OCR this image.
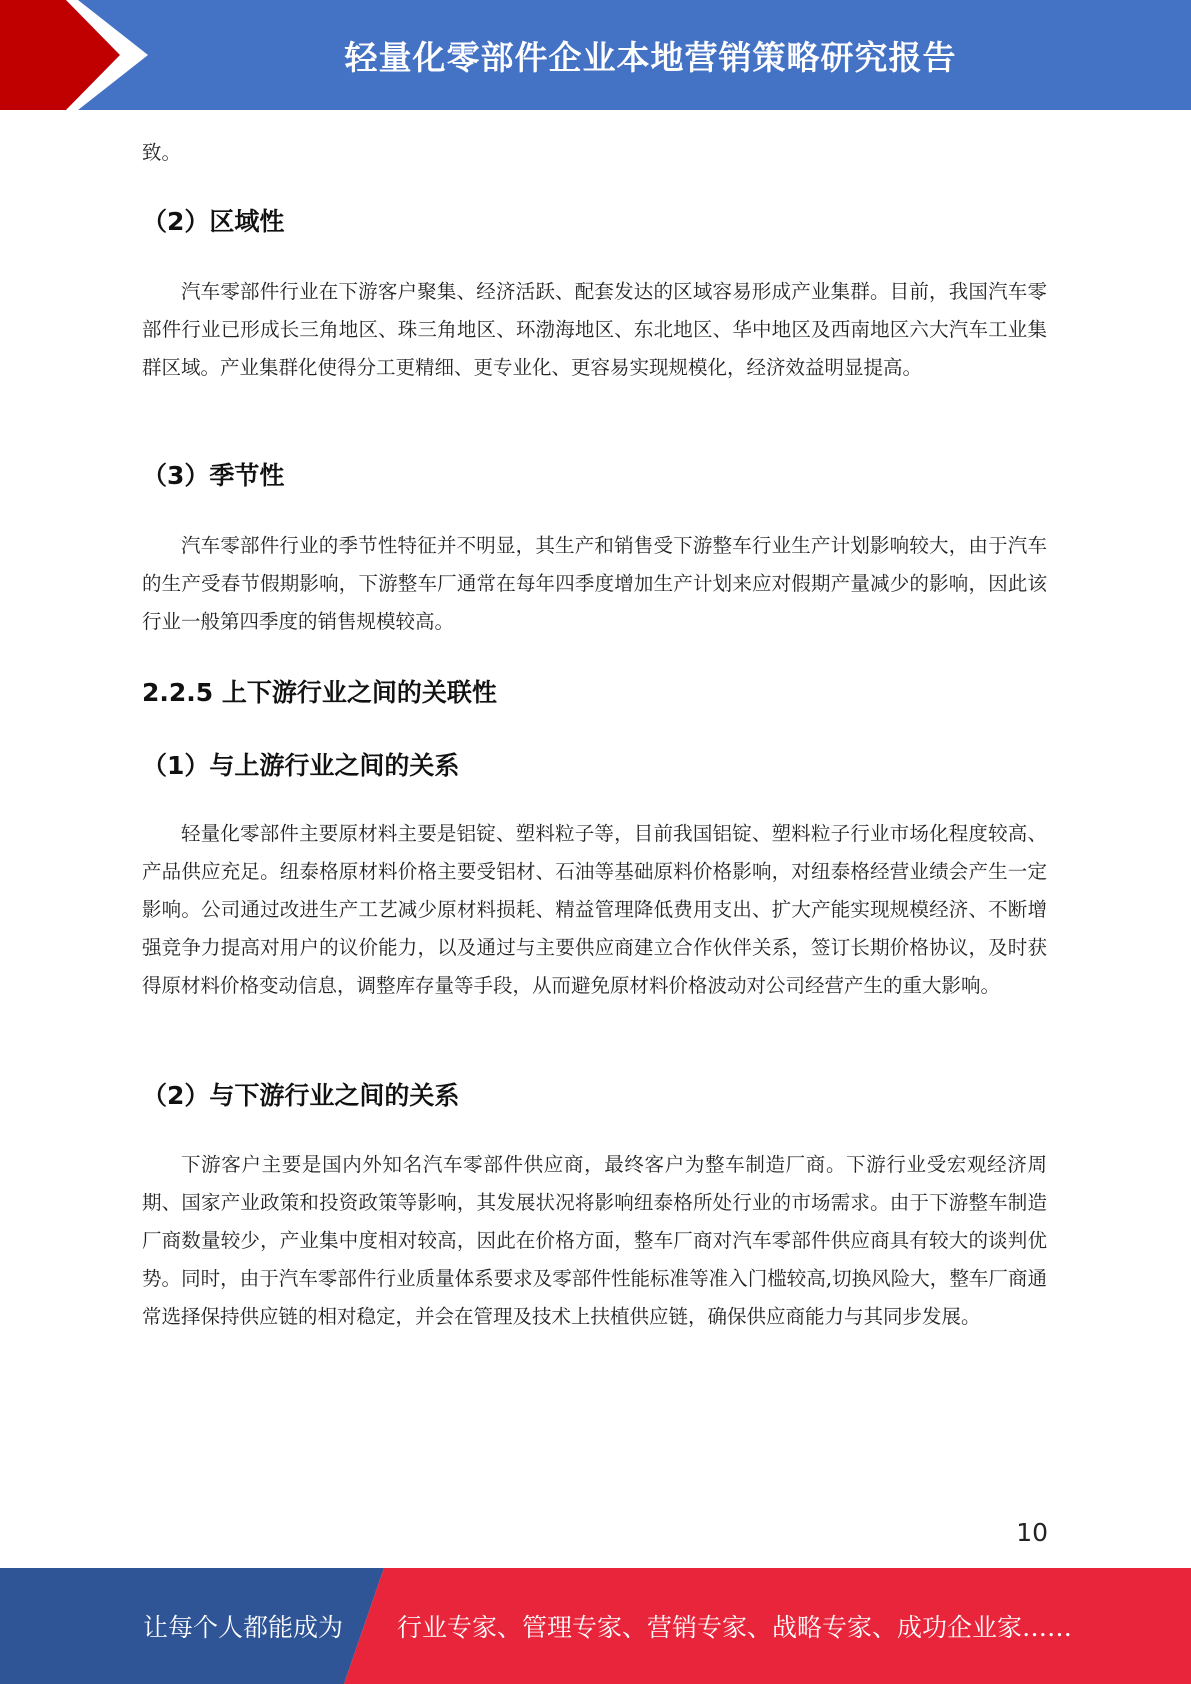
轻量化零部件企业本地营销策略研究报告

致。

（2）区域性

汽车零部件行业在下游客户聚集、经济活跃、配套发达的区域容易形成产业集群。目前，我国汽车零部件行业已形成长三角地区、珠三角地区、环渤海地区、东北地区、华中地区及西南地区六大汽车工业集群区域。产业集群化使得分工更精细、更专业化、更容易实现规模化，经济效益明显提高。

（3）季节性

汽车零部件行业的季节性特征并不明显，其生产和销售受下游整车行业生产计划影响较大，由于汽车的生产受春节假期影响，下游整车厂通常在每年四季度增加生产计划来应对假期产量减少的影响，因此该行业一般第四季度的销售规模较高。

2.2.5 上下游行业之间的关联性
（1）与上游行业之间的关系

轻量化零部件主要原材料主要是铝锭、塑料粒子等，目前我国铝锭、塑料粒子行业市场化程度较高、产品供应充足。纽泰格原材料价格主要受铝材、石油等基础原料价格影响，对纽泰格经营业绩会产生一定影响。公司通过改进生产工艺减少原材料损耗、精益管理降低费用支出、扩大产能实现规模经济、不断增强竞争力提高对用户的议价能力，以及通过与主要供应商建立合作伙伴关系，签订长期价格协议，及时获得原材料价格变动信息，调整库存量等手段，从而避免原材料价格波动对公司经营产生的重大影响。

（2）与下游行业之间的关系

下游客户主要是国内外知名汽车零部件供应商，最终客户为整车制造厂商。下游行业受宏观经济周期、国家产业政策和投资政策等影响，其发展状况将影响纽泰格所处行业的市场需求。由于下游整车制造厂商数量较少，产业集中度相对较高，因此在价格方面，整车厂商对汽车零部件供应商具有较大的谈判优势。同时，由于汽车零部件行业质量体系要求及零部件性能标准等准入门槛较高,切换风险大，整车厂商通常选择保持供应链的相对稳定，并会在管理及技术上扶植供应链，确保供应商能力与其同步发展。

10
让每个人都能成为 行业专家、管理专家、营销专家、战略专家、成功企业家……
